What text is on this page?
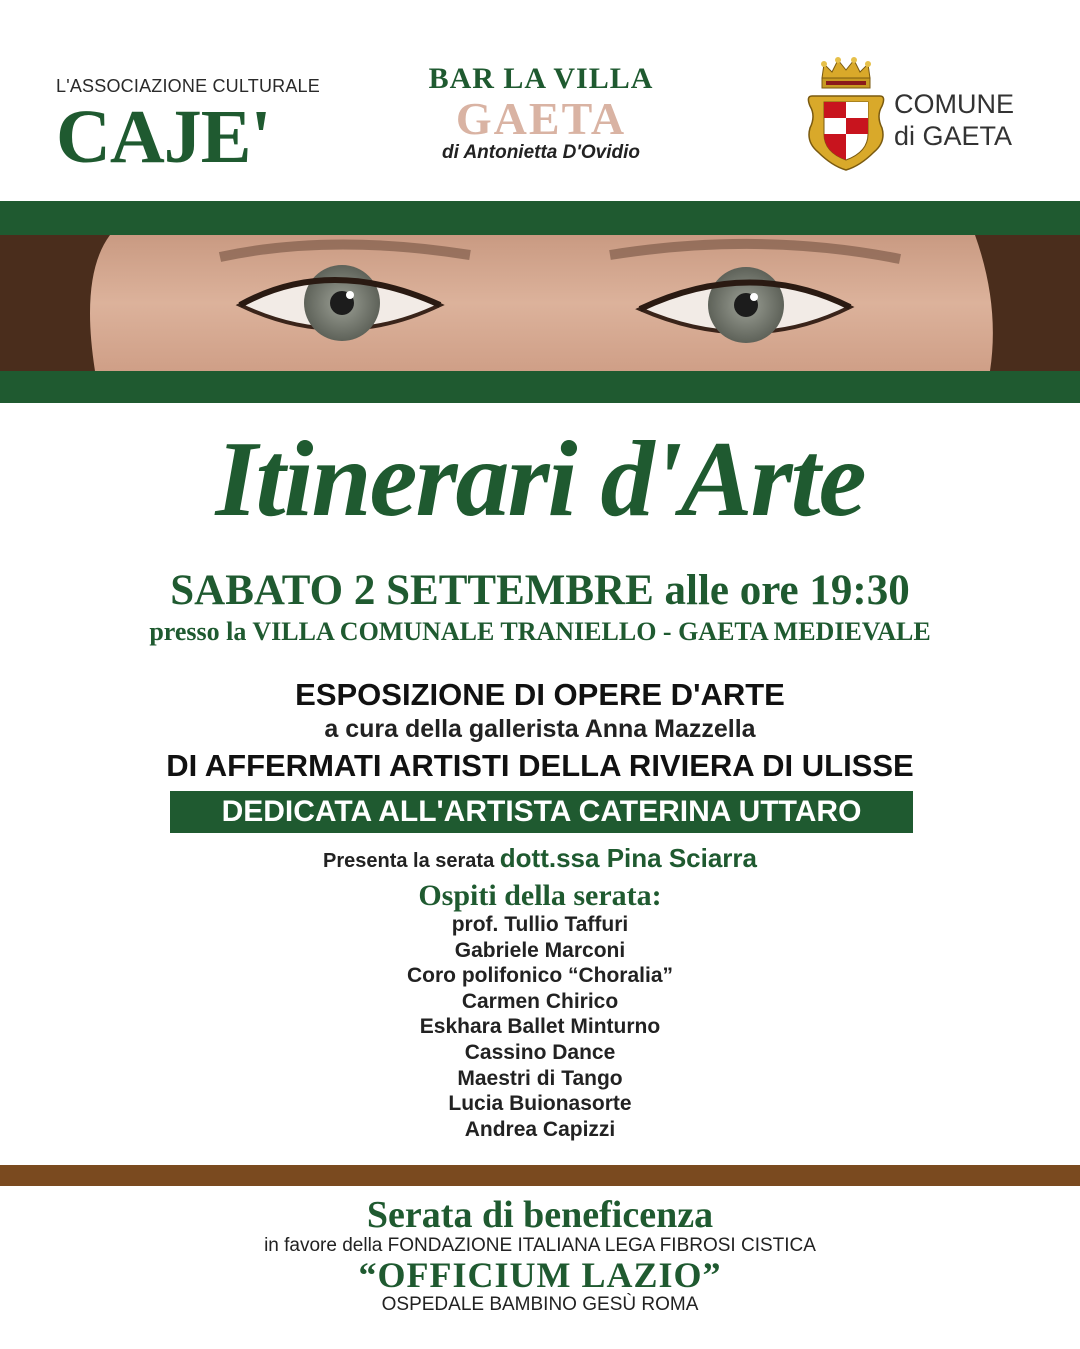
L'ASSOCIAZIONE CULTURALE
CAJE'
BAR LA VILLA
GAETA
di Antonietta D'Ovidio
COMUNE
di GAETA
Itinerari d'Arte
SABATO 2 SETTEMBRE alle ore 19:30
presso la VILLA COMUNALE TRANIELLO - GAETA MEDIEVALE
ESPOSIZIONE DI OPERE D'ARTE
a cura della gallerista Anna Mazzella
DI AFFERMATI ARTISTI DELLA RIVIERA DI ULISSE
DEDICATA ALL'ARTISTA CATERINA UTTARO
Presenta la serata dott.ssa Pina Sciarra
Ospiti della serata:
prof. Tullio Taffuri
Gabriele Marconi
Coro polifonico “Choralia”
Carmen Chirico
Eskhara Ballet Minturno
Cassino Dance
Maestri di Tango
Lucia Buionasorte
Andrea Capizzi
Serata di beneficenza
in favore della FONDAZIONE ITALIANA LEGA FIBROSI CISTICA
“OFFICIUM LAZIO”
OSPEDALE BAMBINO GESÙ ROMA
